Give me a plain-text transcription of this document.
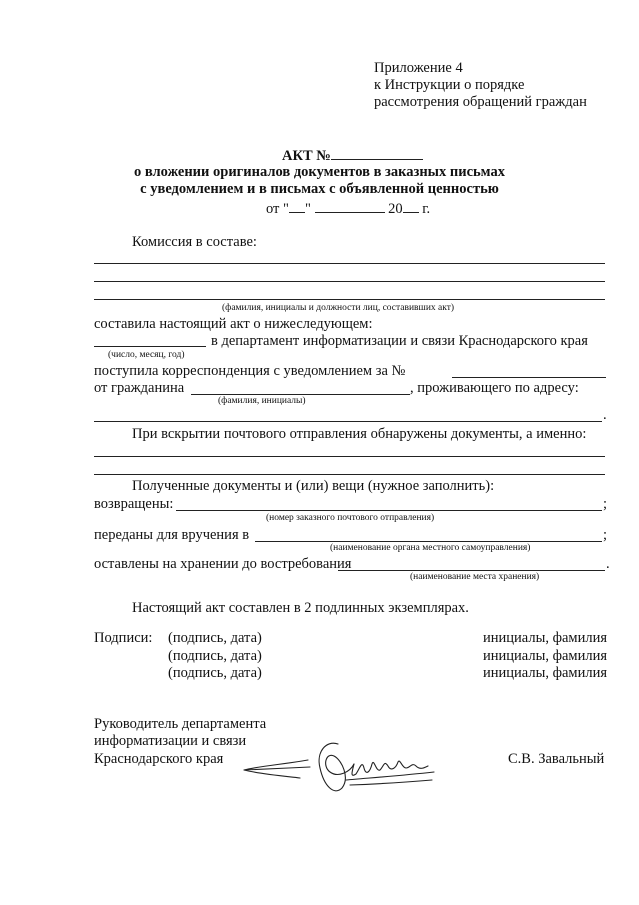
Приложение 4
к Инструкции о порядке
рассмотрения обращений граждан
АКТ №
о вложении оригиналов документов в заказных письмах
с уведомлением и в письмах с объявленной ценностью
от " "	20 г.
Комиссия в составе:
(фамилия, инициалы и должности лиц, составивших акт)
составила настоящий акт о нижеследующем:
в департамент информатизации и связи Краснодарского края
(число, месяц, год)
поступила корреспонденция с уведомлением за №
от гражданина	, проживающего по адресу:
(фамилия, инициалы)
.
При вскрытии почтового отправления обнаружены документы, а именно:
Полученные документы и (или) вещи (нужное заполнить):
возвращены:	;
(номер заказного почтового отправления)
переданы для вручения в	;
(наименование органа местного самоуправления)
оставлены на хранении до востребования	.
(наименование места хранения)
Настоящий акт составлен в 2 подлинных экземплярах.
Подписи: (подпись, дата)	инициалы, фамилия
(подпись, дата)	инициалы, фамилия
(подпись, дата)	инициалы, фамилия
Руководитель департамента
информатизации и связи
Краснодарского края	С.В. Завальный
